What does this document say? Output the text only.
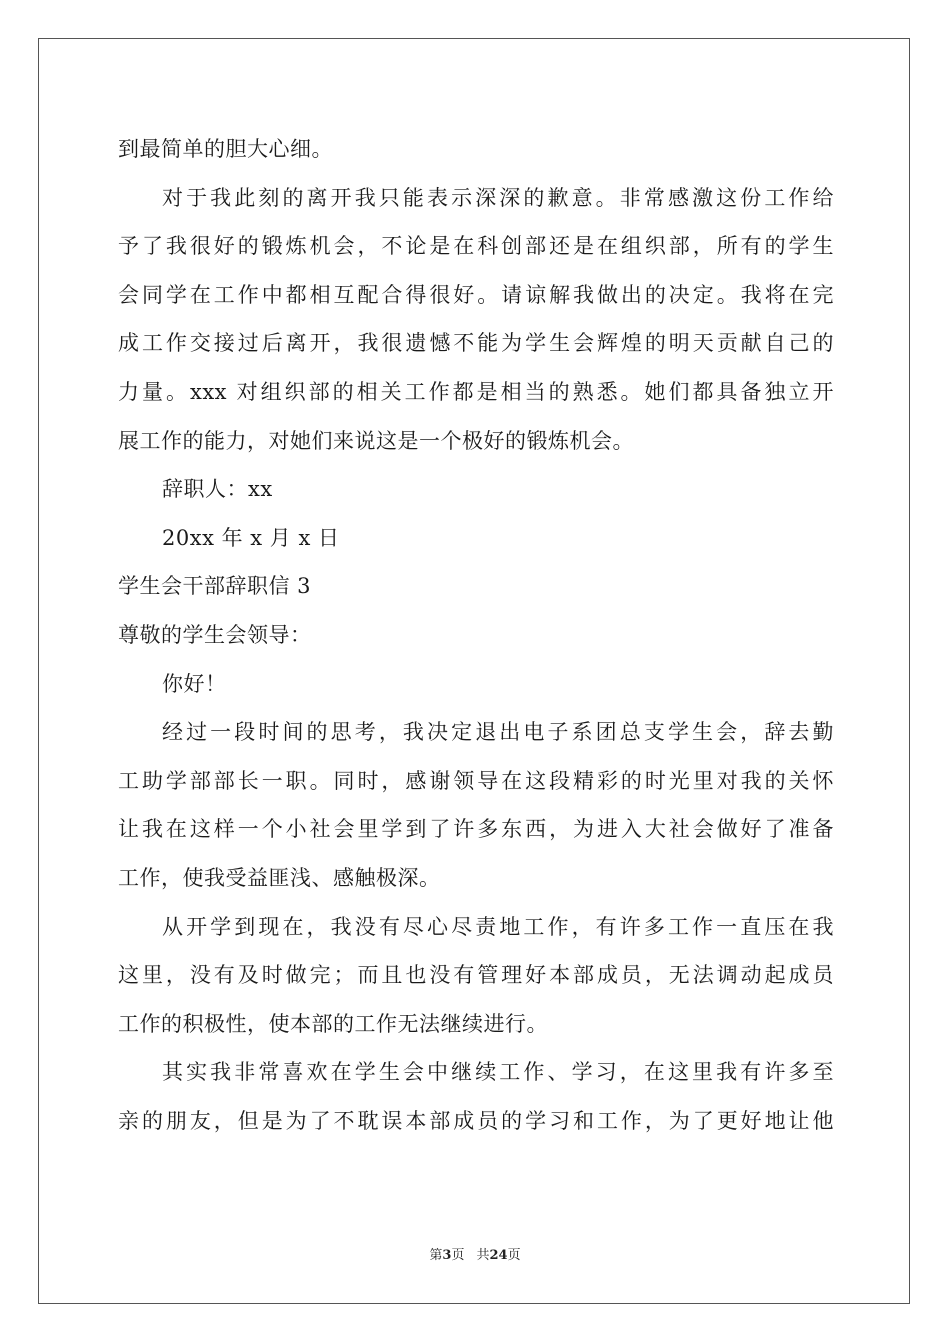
到最简单的胆大心细。
对于我此刻的离开我只能表示深深的歉意。非常感激这份工作给
予了我很好的锻炼机会，不论是在科创部还是在组织部，所有的学生
会同学在工作中都相互配合得很好。请谅解我做出的决定。我将在完
成工作交接过后离开，我很遗憾不能为学生会辉煌的明天贡献自己的
力量。xxx 对组织部的相关工作都是相当的熟悉。她们都具备独立开
展工作的能力，对她们来说这是一个极好的锻炼机会。
辞职人：xx
20xx 年 x 月 x 日
学生会干部辞职信 3
尊敬的学生会领导：
你好！
经过一段时间的思考，我决定退出电子系团总支学生会，辞去勤
工助学部部长一职。同时，感谢领导在这段精彩的时光里对我的关怀
让我在这样一个小社会里学到了许多东西，为进入大社会做好了准备
工作，使我受益匪浅、感触极深。
从开学到现在，我没有尽心尽责地工作，有许多工作一直压在我
这里，没有及时做完；而且也没有管理好本部成员，无法调动起成员
工作的积极性，使本部的工作无法继续进行。
其实我非常喜欢在学生会中继续工作、学习，在这里我有许多至
亲的朋友，但是为了不耽误本部成员的学习和工作，为了更好地让他
第3页 共24页
